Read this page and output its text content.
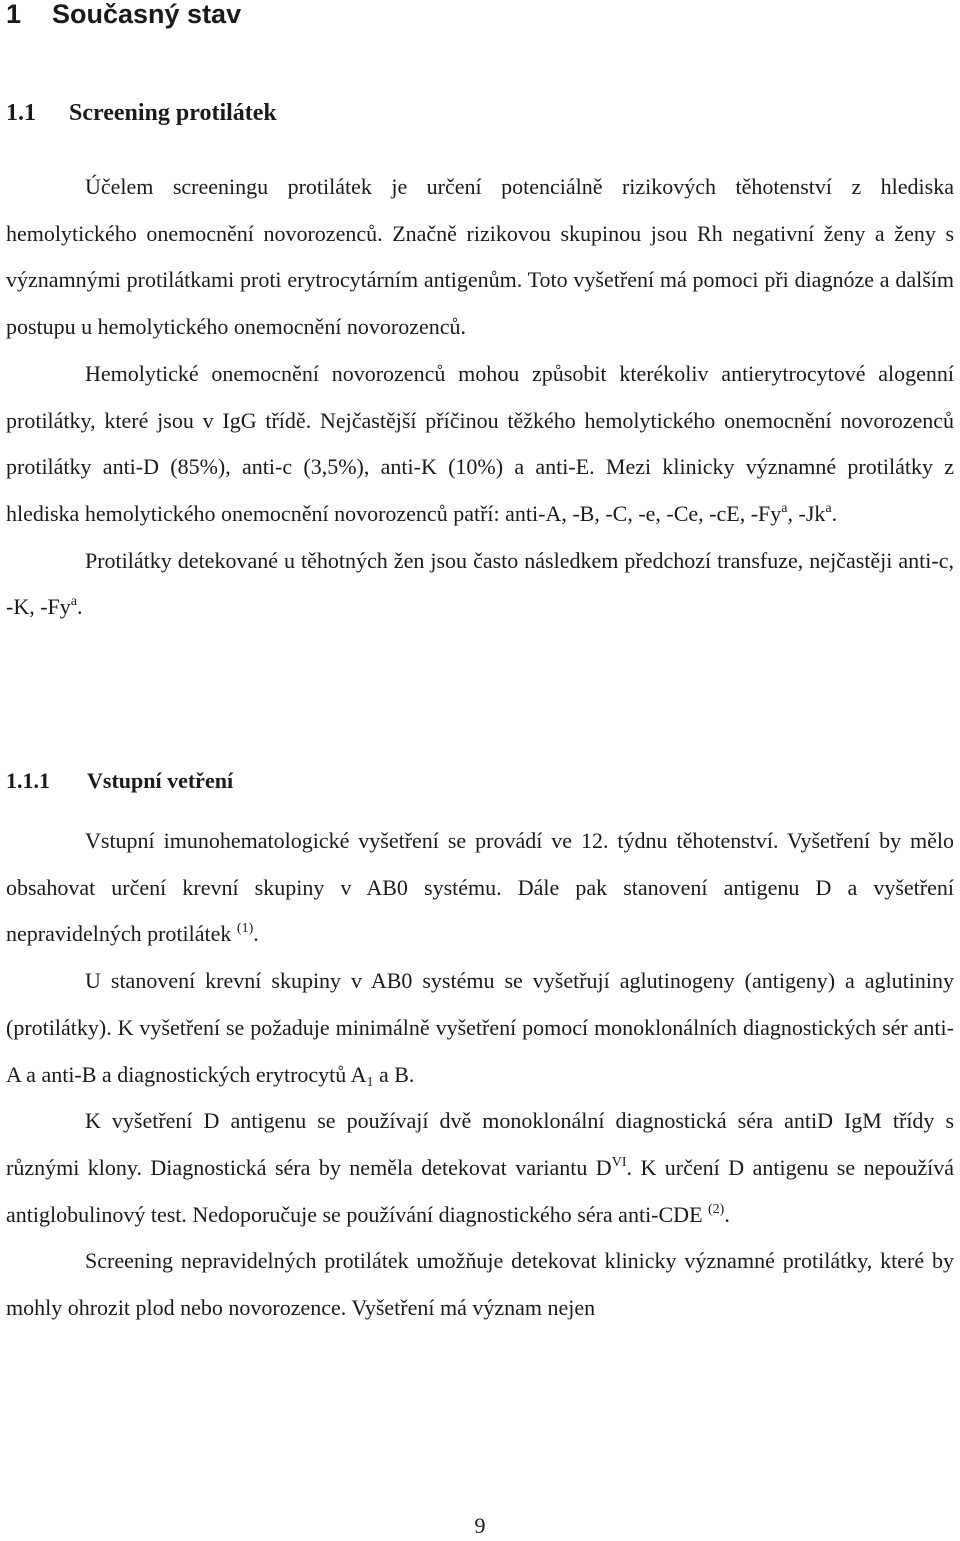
1 Současný stav
1.1 Screening protilátek

Účelem screeningu protilátek je určení potenciálně rizikových těhotenství z hlediska hemolytického onemocnění novorozenců. Značně rizikovou skupinou jsou Rh negativní ženy a ženy s významnými protilátkami proti erytrocytárním antigenům. Toto vyšetření má pomoci při diagnóze a dalším postupu u hemolytického onemocnění novorozenců.

Hemolytické onemocnění novorozenců mohou způsobit kterékoliv antierytrocytové alogenní protilátky, které jsou v IgG třídě. Nejčastější příčinou těžkého hemolytického onemocnění novorozenců protilátky anti-D (85%), anti-c (3,5%), anti-K (10%) a anti-E. Mezi klinicky významné protilátky z hlediska hemolytického onemocnění novorozenců patří: anti-A, -B, -C, -e, -Ce, -cE, -Fy$^a$, -Jk$^a$.

Protilátky detekované u těhotných žen jsou často následkem předchozí transfuze, nejčastěji anti-c, -K, -Fy$^a$.

1.1.1 Vstupní vetření

Vstupní imunohematologické vyšetření se provádí ve 12. týdnu těhotenství. Vyšetření by mělo obsahovat určení krevní skupiny v AB0 systému. Dále pak stanovení antigenu D a vyšetření nepravidelných protilátek $^{(1)}$.

U stanovení krevní skupiny v AB0 systému se vyšetřují aglutinogeny (antigeny) a aglutininy (protilátky). K vyšetření se požaduje minimálně vyšetření pomocí monoklonálních diagnostických sér anti-A a anti-B a diagnostických erytrocytů $A_1$ a B.

K vyšetření D antigenu se používají dvě monoklonální diagnostická séra antiD IgM třídy s různými klony. Diagnostická séra by neměla detekovat variantu $D^{VI}$. K určení D antigenu se nepoužívá antiglobulinový test. Nedoporučuje se používání diagnostického séra anti-CDE $^{(2)}$.

Screening nepravidelných protilátek umožňuje detekovat klinicky významné protilátky, které by mohly ohrozit plod nebo novorozence. Vyšetření má význam nejen

9
